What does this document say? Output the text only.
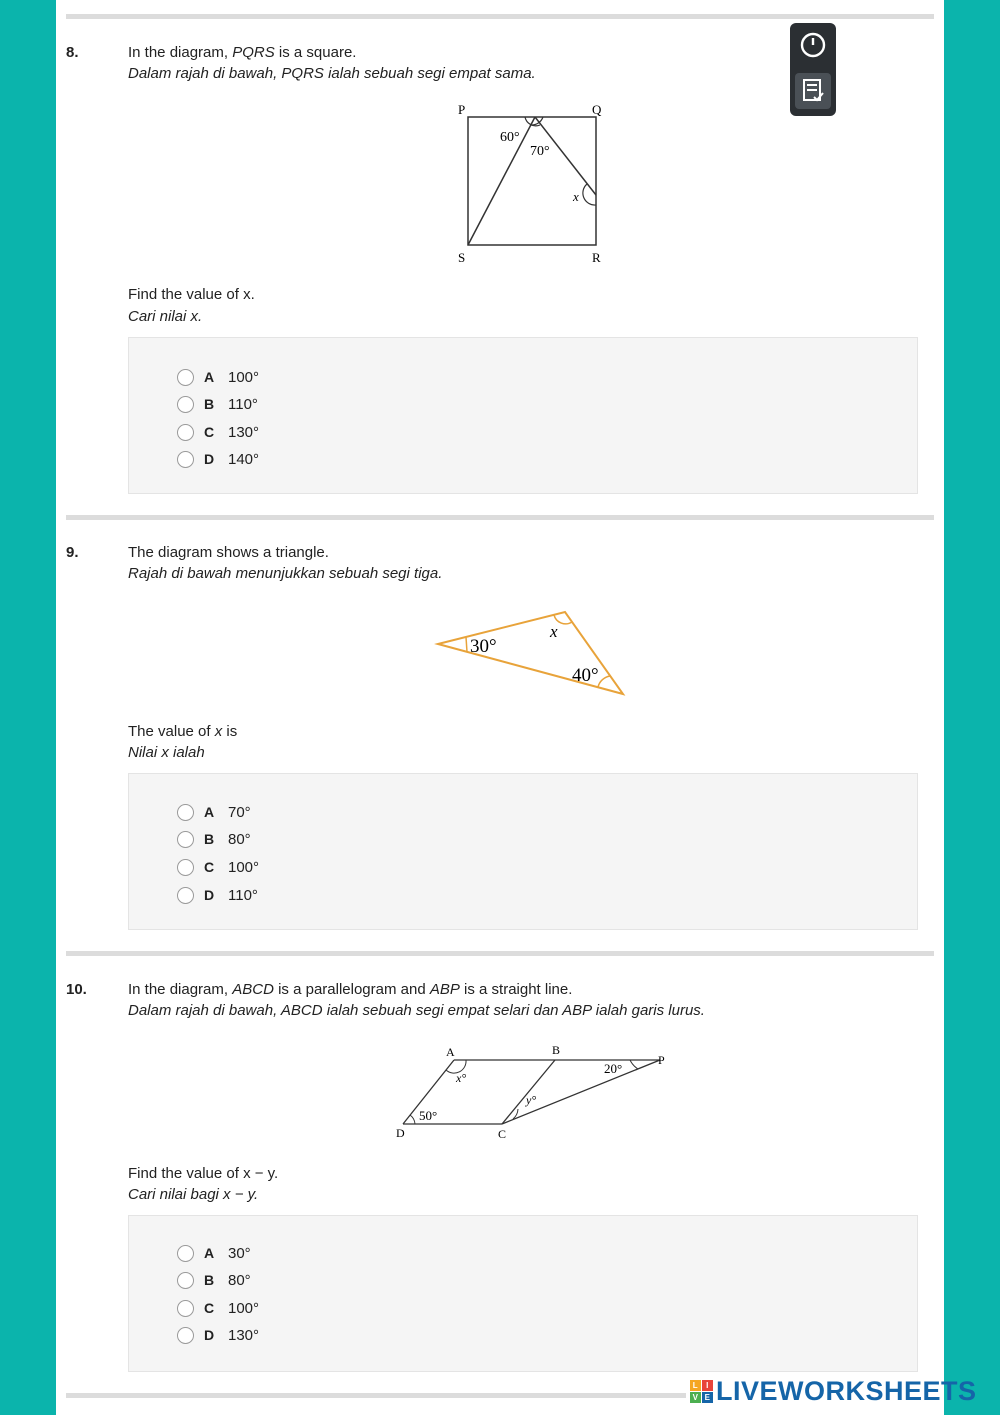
8.	In the diagram, PQRS is a square.
Dalam rajah di bawah, PQRS ialah sebuah segi empat sama.
P	Q
S	R
60°
70°
x
Find the value of x.
Cari nilai x.
A 100°
B 110°
C 130°
D 140°
9.	The diagram shows a triangle.
Rajah di bawah menunjukkan sebuah segi tiga.
30°
x
40°
The value of x is
Nilai x ialah
A 70°
B 80°
C 100°
D 110°
10.	In the diagram, ABCD is a parallelogram and ABP is a straight line.
Dalam rajah di bawah, ABCD ialah sebuah segi empat selari dan ABP ialah garis lurus.
A	B
P
D	C
x°
20°
y°
50°
Find the value of x − y.
Cari nilai bagi x − y.
A 30°
B 80°
C 100°
D 130°
L I
V E LIVEWORKSHEETS
